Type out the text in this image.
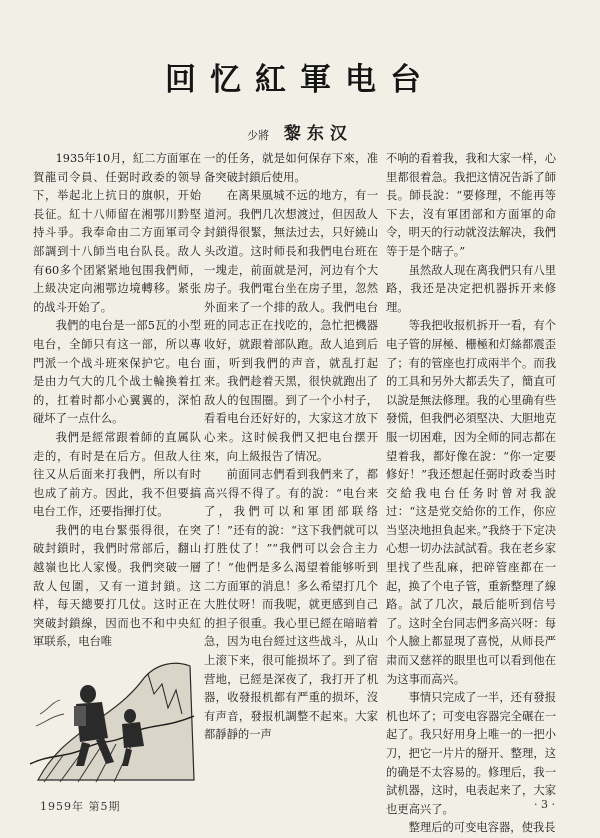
回忆紅軍电台
少將 黎东汉

1935年10月，紅二方面軍在賀龍司令員、任弼时政委的领导下，举起北上抗日的旗帜，开始長征。紅十八师留在湘鄂川黔堅持斗爭。我奉命由二方面軍司令部調到十八師当电台队長。敌人有60多个团紧紧地包围我們师，上級决定向湘鄂边境轉移。紧张的战斗开始了。

我們的电台是一部5瓦的小型电台，全師只有这一部，所以專門派一个战斗班來保护它。电台是由力气大的几个战士輪換着扛的，扛着时都小心翼翼的，深怕碰坏了一点什么。

我們是經常跟着師的直属队走的，有时是在后方。但敌人往往又从后面来打我們，所以有时也成了前方。因此，我不但要搞电台工作，还要指揮打仗。

我們的电台緊張得很，在突破封鎖时，我們时常部后，翻山越嶺也比人家慢。我們突破一層敌人包圍，又有一道封鎖。这样，每天總要打几仗。这时正在突破封鎖線，因而也不和中央紅軍联系，电台唯

一的任务，就是如何保存下來，准备突破封鎖后使用。

在离果風城不远的地方，有一道河。我們几次想渡过，但因敌人封鎖得很緊，無法过去，只好繞山头改道。这时师長和我們电台班在一塊走，前面就是河，河边有个大房子。我們電台坐在房子里，忽然外面来了一个排的敌人。我們电台班的同志正在找吃的，急忙把機器收好，就跟着部队跑。敌人追到后面，听到我們的声音，就乱打起来。我們趁着天黑，很快就跑出了敌人的包围圈。到了一个小村子，看看电台还好好的，大家这才放下心来。这时候我們又把电台摆开來，向上級报告了情况。

前面同志們看到我們来了，都高兴得不得了。有的說：“电台来了，我們可以和軍团部联络了！”还有的說：“这下我們就可以打胜仗了！”“我們可以会合主力了！”他們是多么渴望着能够听到二方面軍的消息！多么希望打几个大胜仗呀！而我呢，就更感到自己的担子很重。我心里已經在暗暗着急，因为电台經过这些战斗，从山上滚下来，很可能损坏了。到了宿营地，已經是深夜了，我打开了机器，收發报机都有严重的损坏，沒有声音，發报机調整不起來。大家都靜靜的一声

不响的看着我，我和大家一样，心里都很着急。我把这情况告訴了師長。師長說：“要修理，不能再等下去，沒有軍团部和方面軍的命令，明天的行动就沒法解决，我們等于是个瞎子。”

虽然敌人现在离我們只有八里路，我还是决定把机器拆开来修理。

等我把收报机拆开一看，有个电子管的屏極、栅極和灯絲都震歪了；有的管座也打成兩半个。而我的工具和另外大都丢失了，簡直可以說是無法修理。我的心里确有些發慌，但我們必須堅决、大胆地克服一切困难，因为全师的同志都在望着我，都好像在說：“你一定要修好！”我还想起任弼时政委当时交給我电台任务时曾对我說过：“这是党交給你的工作，你应当坚决地担負起来。”我終于下定决心想一切办法試試看。我在老乡家里找了些乱麻，把碎管座都在一起，换了个电子管，重新整理了線路。試了几次，最后能听到信号了。这时全台同志們多高兴呀：每个人臉上都显現了喜悦，从师長严肃而又慈祥的眼里也可以看到他在为这事而高兴。

事情只完成了一半，还有發报机也坏了；可变电容器完全碾在一起了。我只好用身上唯一的一把小刀，把它一片片的掰开、整理，这的确是不太容易的。修理后，我一試机器，这时，电表起来了，大家也更高兴了。

整理后的可变电容器，使我長

1959年 第5期	· 3 ·
